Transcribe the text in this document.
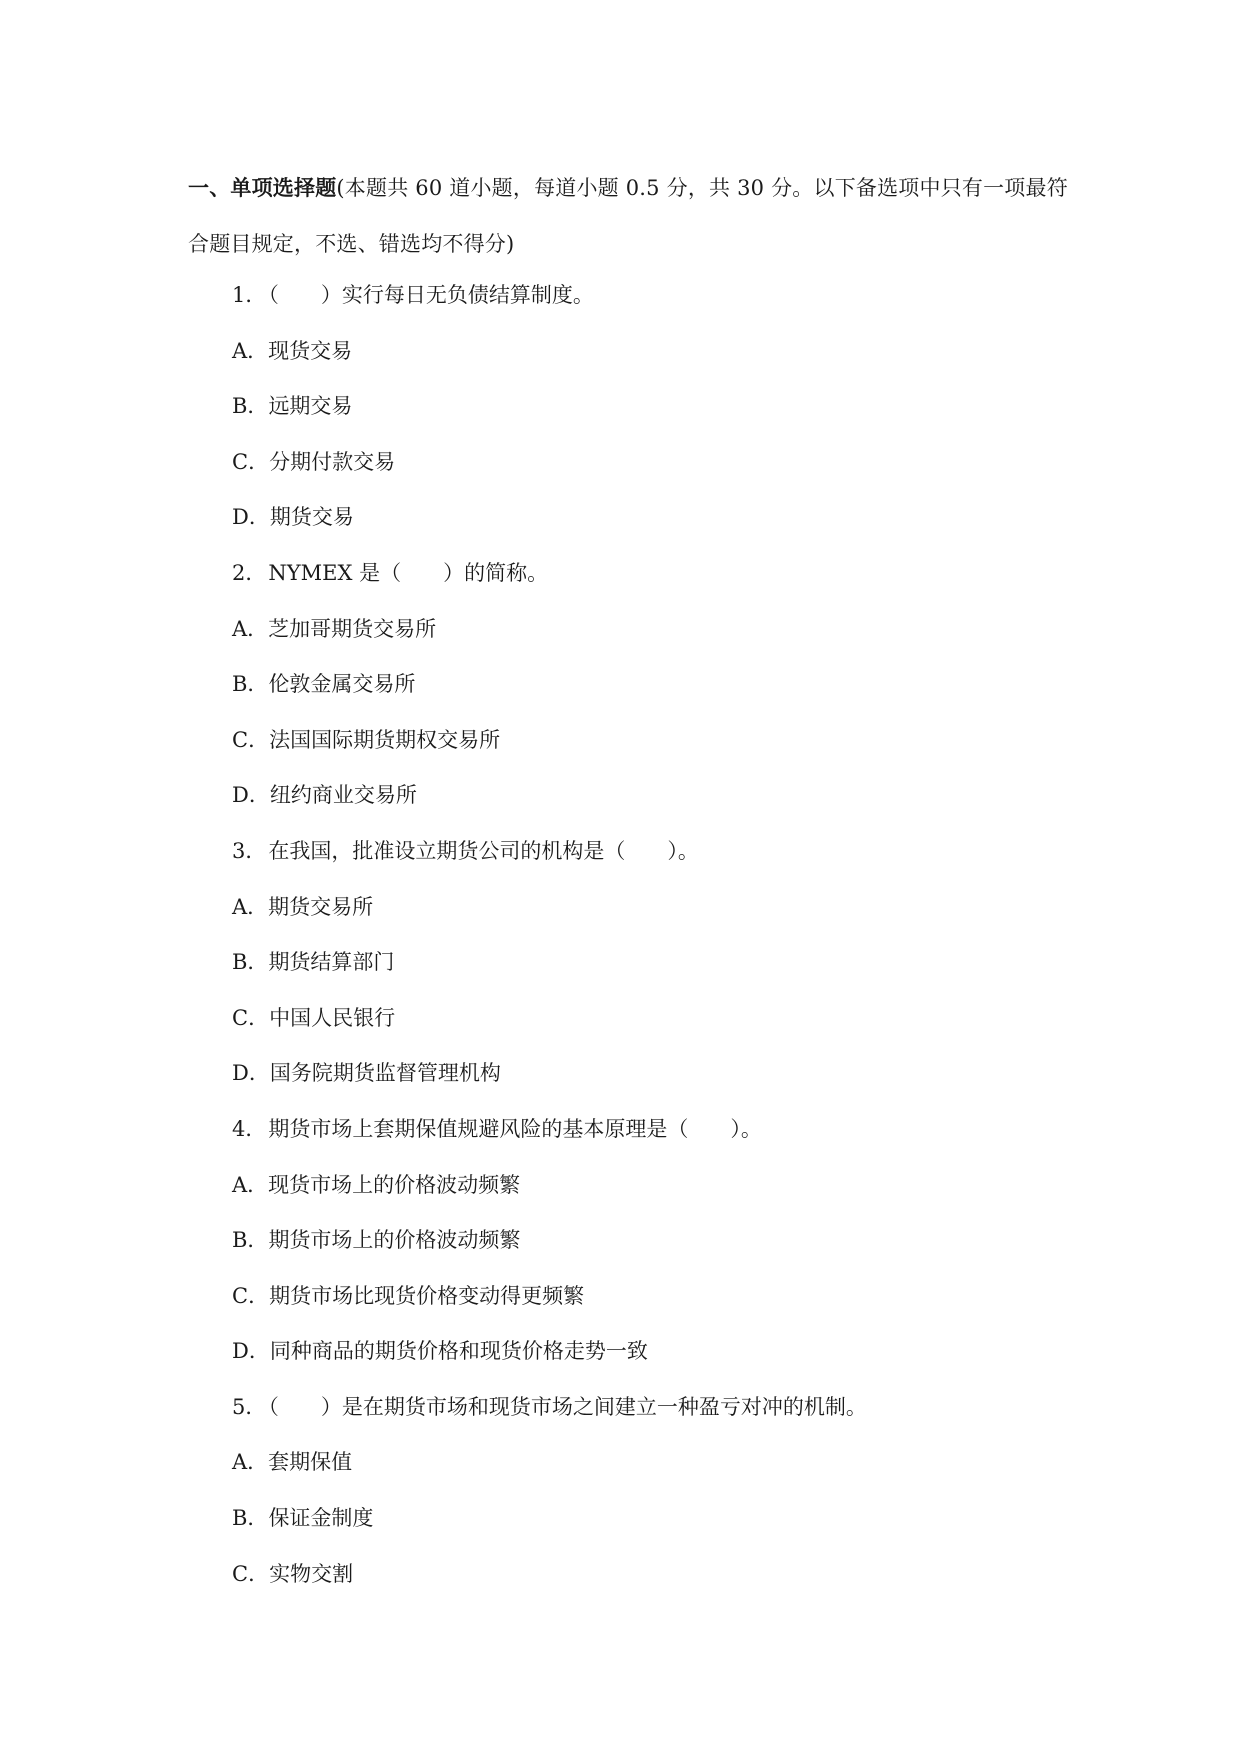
一、单项选择题(本题共 60 道小题，每道小题 0.5 分，共 30 分。以下备选项中只有一项最符合题目规定，不选、错选均不得分)
1．（　　）实行每日无负债结算制度。
A．现货交易
B．远期交易
C．分期付款交易
D．期货交易
2．NYMEX 是（　　）的简称。
A．芝加哥期货交易所
B．伦敦金属交易所
C．法国国际期货期权交易所
D．纽约商业交易所
3．在我国，批准设立期货公司的机构是（　　）。
A．期货交易所
B．期货结算部门
C．中国人民银行
D．国务院期货监督管理机构
4．期货市场上套期保值规避风险的基本原理是（　　）。
A．现货市场上的价格波动频繁
B．期货市场上的价格波动频繁
C．期货市场比现货价格变动得更频繁
D．同种商品的期货价格和现货价格走势一致
5．（　　）是在期货市场和现货市场之间建立一种盈亏对冲的机制。
A．套期保值
B．保证金制度
C．实物交割
